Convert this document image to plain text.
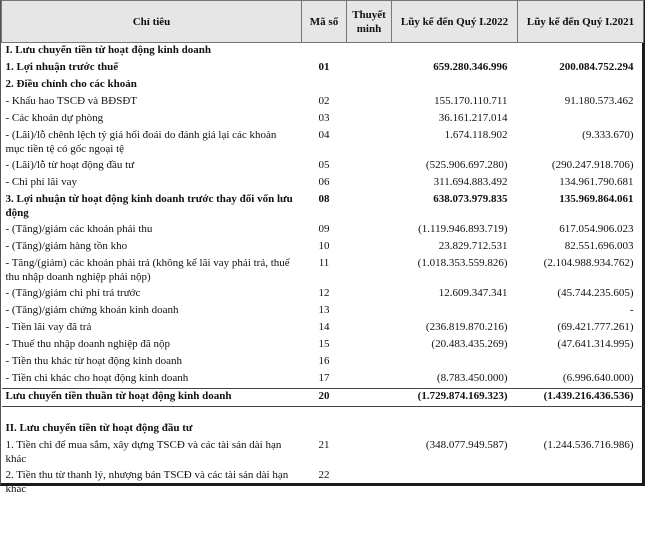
Chỉ tiêu	Mã số	Thuyết minh	Lũy kế đến Quý I.2022	Lũy kế đến Quý I.2021
I. Lưu chuyển tiền từ hoạt động kinh doanh				
1. Lợi nhuận trước thuế	01		659.280.346.996	200.084.752.294
2. Điều chỉnh cho các khoản				
- Khấu hao TSCĐ và BĐSĐT	02		155.170.110.711	91.180.573.462
- Các khoản dự phòng	03		36.161.217.014	
- (Lãi)/lỗ chênh lệch tỷ giá hối đoái do đánh giá lại các khoản mục tiền tệ có gốc ngoại tệ	04		1.674.118.902	(9.333.670)
- (Lãi)/lỗ từ hoạt động đầu tư	05		(525.906.697.280)	(290.247.918.706)
- Chi phí lãi vay	06		311.694.883.492	134.961.790.681
3. Lợi nhuận từ hoạt động kinh doanh trước thay đổi vốn lưu động	08		638.073.979.835	135.969.864.061
- (Tăng)/giảm các khoản phải thu	09		(1.119.946.893.719)	617.054.906.023
- (Tăng)/giảm hàng tồn kho	10		23.829.712.531	82.551.696.003
- Tăng/(giảm) các khoản phải trả (không kể lãi vay phải trả, thuế thu nhập doanh nghiệp phải nộp)	11		(1.018.353.559.826)	(2.104.988.934.762)
- (Tăng)/giảm chi phí trả trước	12		12.609.347.341	(45.744.235.605)
- (Tăng)/giảm chứng khoán kinh doanh	13			-
- Tiền lãi vay đã trả	14		(236.819.870.216)	(69.421.777.261)
- Thuế thu nhập doanh nghiệp đã nộp	15		(20.483.435.269)	(47.641.314.995)
- Tiền thu khác từ hoạt động kinh doanh	16			
- Tiền chi khác cho hoạt động kinh doanh	17		(8.783.450.000)	(6.996.640.000)
Lưu chuyển tiền thuần từ hoạt động kinh doanh	20		(1.729.874.169.323)	(1.439.216.436.536)

II. Lưu chuyển tiền từ hoạt động đầu tư				
1. Tiền chi để mua sắm, xây dựng TSCĐ và các tài sản dài hạn khác	21		(348.077.949.587)	(1.244.536.716.986)
2. Tiền thu từ thanh lý, nhượng bán TSCĐ và các tài sản dài hạn khác	22			
